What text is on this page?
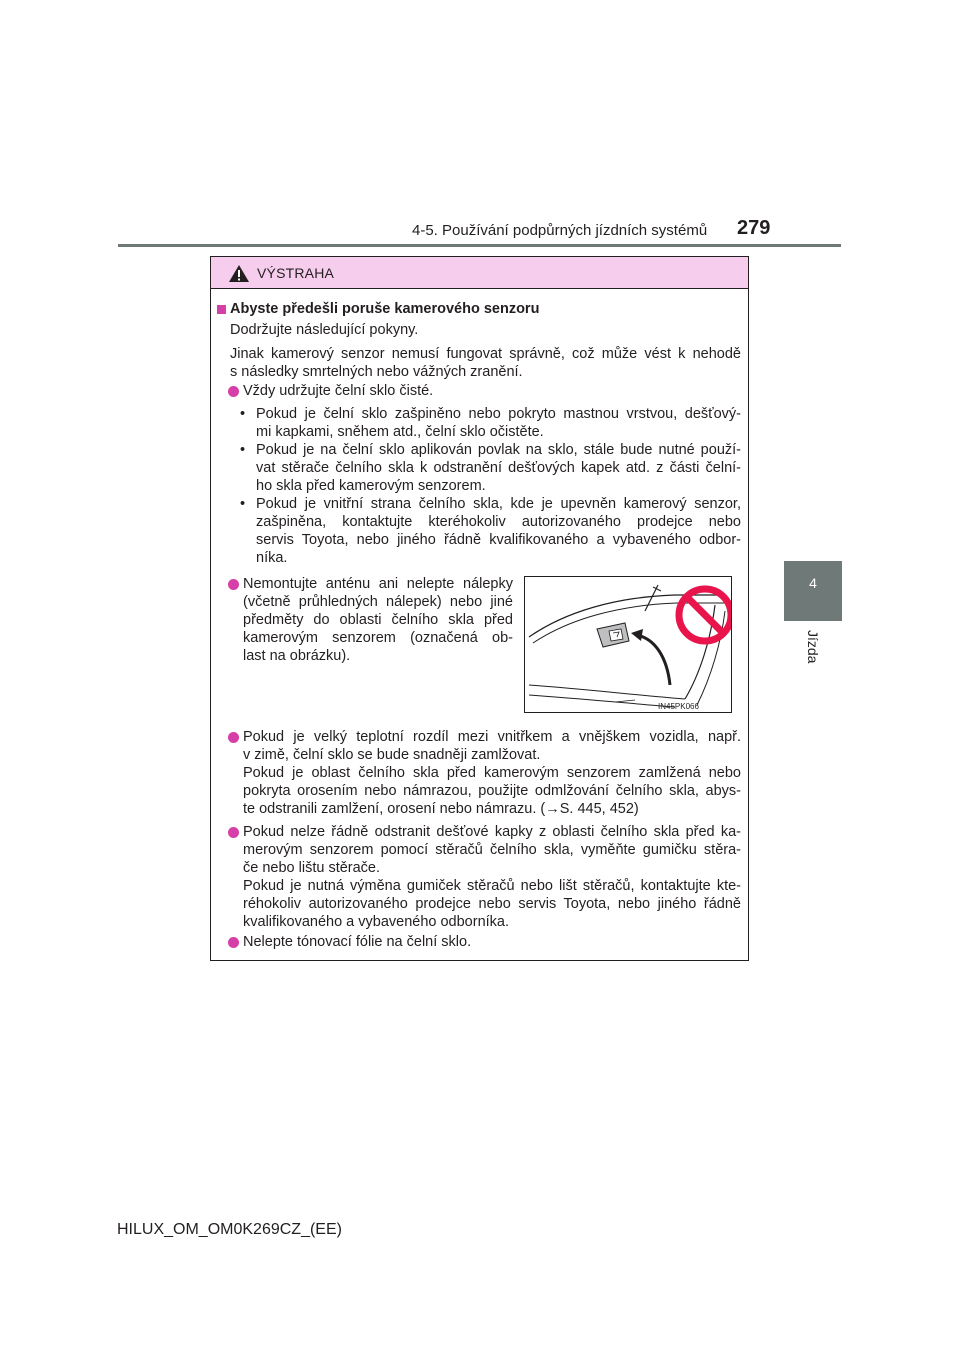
4-5. Používání podpůrných jízdních systémů 279
4
Jízda
VÝSTRAHA
Abyste předešli poruše kamerového senzoru
Dodržujte následující pokyny.
Jinak kamerový senzor nemusí fungovat správně, což může vést k nehodě
s následky smrtelných nebo vážných zranění.
Vždy udržujte čelní sklo čisté.
• Pokud je čelní sklo zašpiněno nebo pokryto mastnou vrstvou, dešťový-
mi kapkami, sněhem atd., čelní sklo očistěte.
• Pokud je na čelní sklo aplikován povlak na sklo, stále bude nutné použí-
vat stěrače čelního skla k odstranění dešťových kapek atd. z části čelní-
ho skla před kamerovým senzorem.
• Pokud je vnitřní strana čelního skla, kde je upevněn kamerový senzor,
zašpiněna, kontaktujte kteréhokoliv autorizovaného prodejce nebo
servis Toyota, nebo jiného řádně kvalifikovaného a vybaveného odbor-
níka.
Nemontujte anténu ani nelepte nálepky
(včetně průhledných nálepek) nebo jiné
předměty do oblasti čelního skla před
kamerovým senzorem (označená ob-
last na obrázku).
IN45PK066
Pokud je velký teplotní rozdíl mezi vnitřkem a vnějškem vozidla, např.
v zimě, čelní sklo se bude snadněji zamlžovat.
Pokud je oblast čelního skla před kamerovým senzorem zamlžená nebo
pokryta orosením nebo námrazou, použijte odmlžování čelního skla, abys-
te odstranili zamlžení, orosení nebo námrazu. (→S. 445, 452)
Pokud nelze řádně odstranit dešťové kapky z oblasti čelního skla před ka-
merovým senzorem pomocí stěračů čelního skla, vyměňte gumičku stěra-
če nebo lištu stěrače.
Pokud je nutná výměna gumiček stěračů nebo lišt stěračů, kontaktujte kte-
réhokoliv autorizovaného prodejce nebo servis Toyota, nebo jiného řádně
kvalifikovaného a vybaveného odborníka.
Nelepte tónovací fólie na čelní sklo.
HILUX_OM_OM0K269CZ_(EE)
